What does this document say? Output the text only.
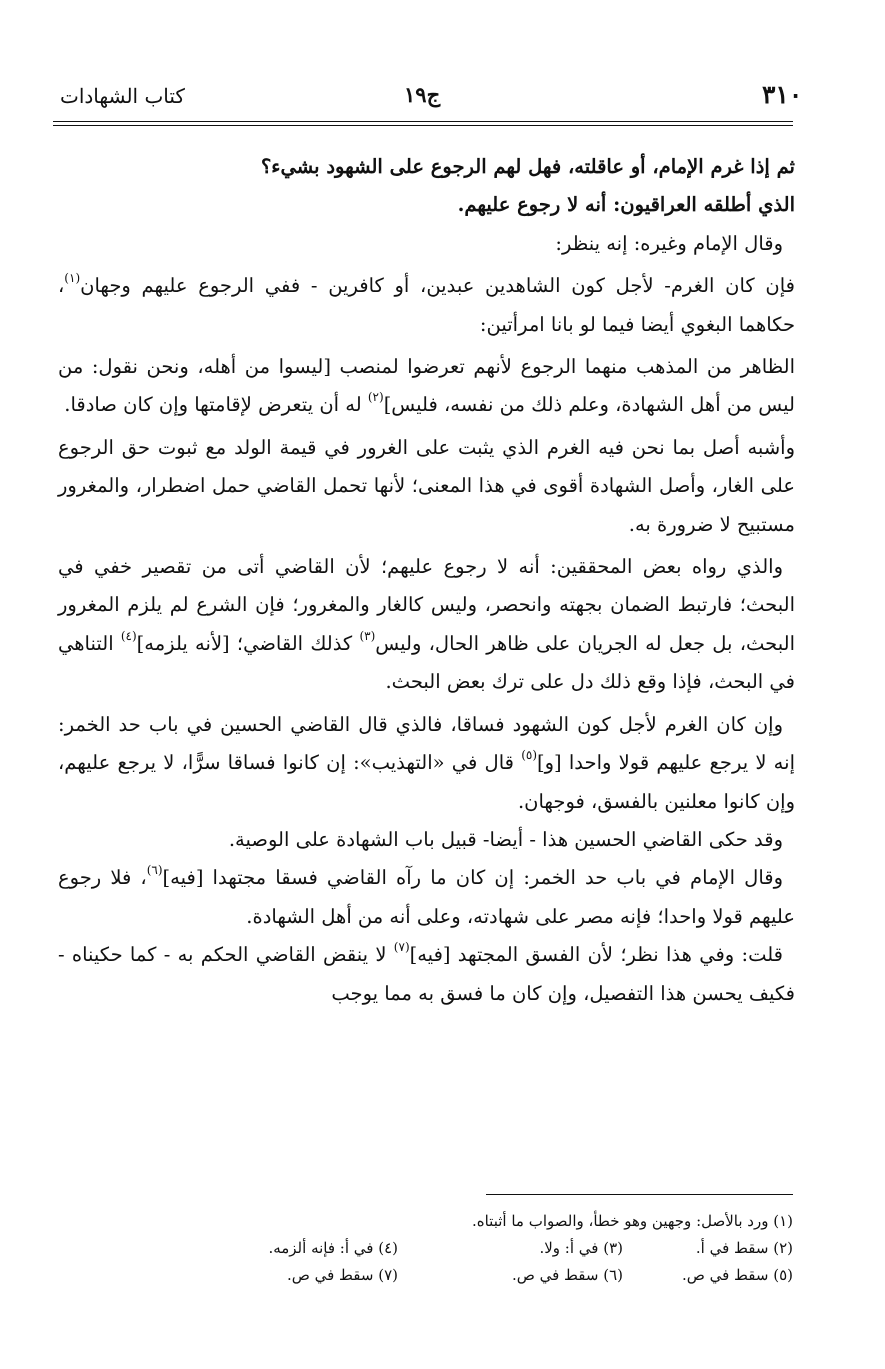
٣١٠
ج١٩
كتاب الشهادات

ثم إذا غرم الإمام، أو عاقلته، فهل لهم الرجوع على الشهود بشيء؟

الذي أطلقه العراقيون: أنه لا رجوع عليهم.

وقال الإمام وغيره: إنه ينظر:

فإن كان الغرم- لأجل كون الشاهدين عبدين، أو كافرين - ففي الرجوع عليهم وجهان$^{(١)}$، حكاهما البغوي أيضا فيما لو بانا امرأتين:

الظاهر من المذهب منهما الرجوع لأنهم تعرضوا لمنصب [ليسوا من أهله، ونحن نقول: من ليس من أهل الشهادة، وعلم ذلك من نفسه، فليس]$^{(٢)}$ له أن يتعرض لإقامتها وإن كان صادقا.

وأشبه أصل بما نحن فيه الغرم الذي يثبت على الغرور في قيمة الولد مع ثبوت حق الرجوع على الغار، وأصل الشهادة أقوى في هذا المعنى؛ لأنها تحمل القاضي حمل اضطرار، والمغرور مستبيح لا ضرورة به.

والذي رواه بعض المحققين: أنه لا رجوع عليهم؛ لأن القاضي أتى من تقصير خفي في البحث؛ فارتبط الضمان بجهته وانحصر، وليس كالغار والمغرور؛ فإن الشرع لم يلزم المغرور البحث، بل جعل له الجريان على ظاهر الحال، وليس$^{(٣)}$ كذلك القاضي؛ [لأنه يلزمه]$^{(٤)}$ التناهي في البحث، فإذا وقع ذلك دل على ترك بعض البحث.

وإن كان الغرم لأجل كون الشهود فساقا، فالذي قال القاضي الحسين في باب حد الخمر: إنه لا يرجع عليهم قولا واحدا [و]$^{(٥)}$ قال في «التهذيب»: إن كانوا فساقا سرًّا، لا يرجع عليهم، وإن كانوا معلنين بالفسق، فوجهان.

وقد حكى القاضي الحسين هذا - أيضا- قبيل باب الشهادة على الوصية.

وقال الإمام في باب حد الخمر: إن كان ما رآه القاضي فسقا مجتهدا [فيه]$^{(٦)}$، فلا رجوع عليهم قولا واحدا؛ فإنه مصر على شهادته، وعلى أنه من أهل الشهادة.

قلت: وفي هذا نظر؛ لأن الفسق المجتهد [فيه]$^{(٧)}$ لا ينقض القاضي الحكم به - كما حكيناه - فكيف يحسن هذا التفصيل، وإن كان ما فسق به مما يوجب

(١) ورد بالأصل: وجهين وهو خطأ، والصواب ما أثبتاه.
(٢) سقط في أ.
(٣) في أ: ولا.
(٤) في أ: فإنه ألزمه.
(٥) سقط في ص.
(٦) سقط في ص.
(٧) سقط في ص.
